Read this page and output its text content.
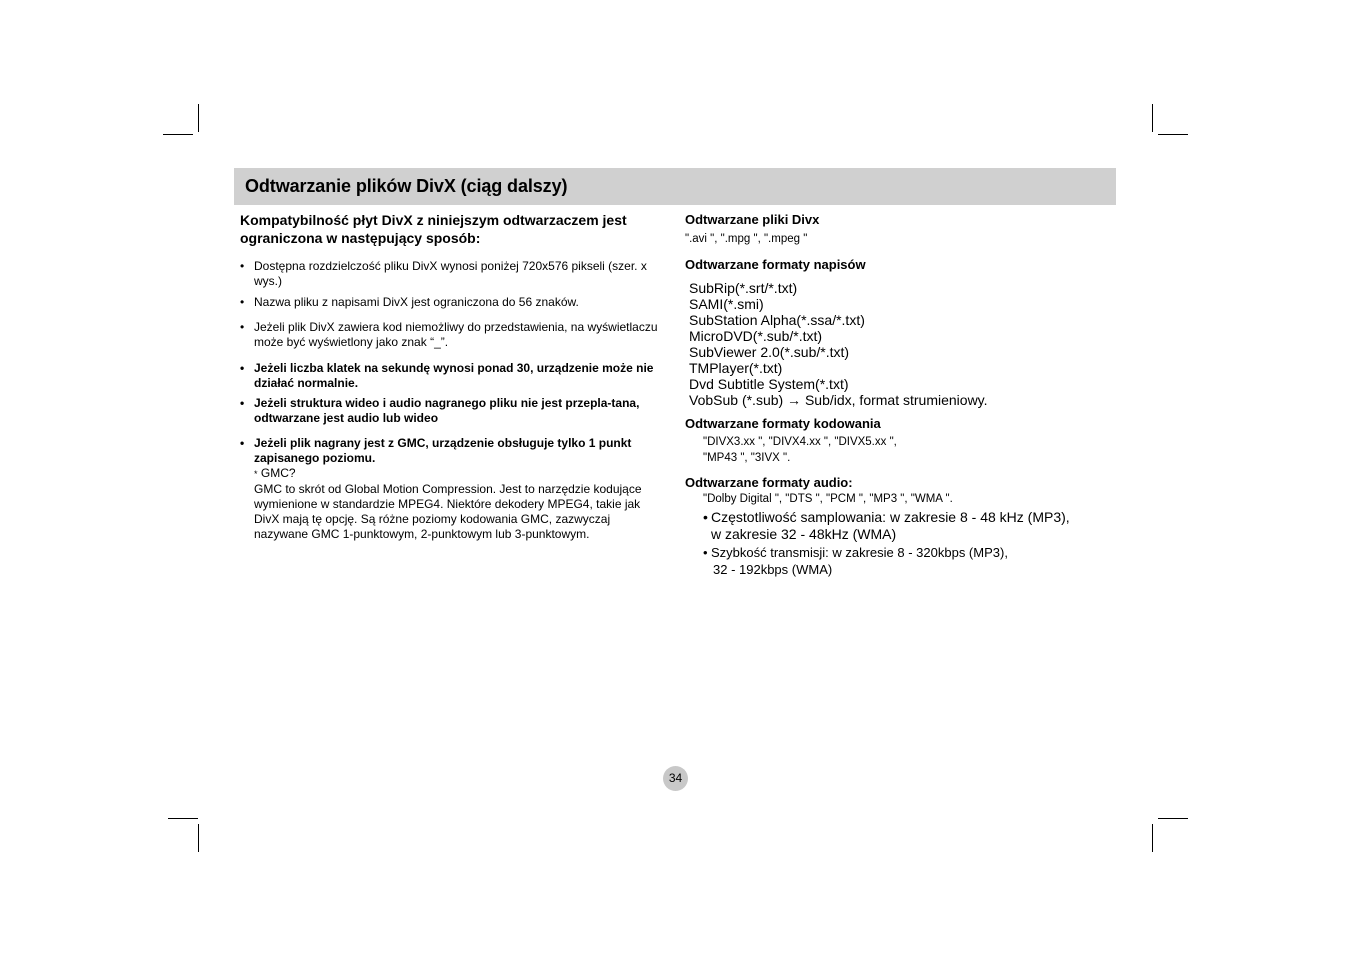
Odtwarzanie plików DivX (ciąg dalszy)

Kompatybilność płyt DivX z niniejszym odtwarzaczem jest ograniczona w następujący sposób:

• Dostępna rozdzielczość pliku DivX wynosi poniżej 720x576 pikseli (szer. x wys.)
• Nazwa pliku z napisami DivX jest ograniczona do 56 znaków.
• Jeżeli plik DivX zawiera kod niemożliwy do przedstawienia, na wyświetlaczu może być wyświetlony jako znak “_”.
• Jeżeli liczba klatek na sekundę wynosi ponad 30, urządzenie może nie działać normalnie.
• Jeżeli struktura wideo i audio nagranego pliku nie jest przepla-tana, odtwarzane jest audio lub wideo
• Jeżeli plik nagrany jest z GMC, urządzenie obsługuje tylko 1 punkt zapisanego poziomu.
* GMC?
GMC to skrót od Global Motion Compression. Jest to narzędzie kodujące wymienione w standardzie MPEG4. Niektóre dekodery MPEG4, takie jak DivX mają tę opcję. Są różne poziomy kodowania GMC, zazwyczaj nazywane GMC 1-punktowym, 2-punktowym lub 3-punktowym.

Odtwarzane pliki Divx

".avi ", ".mpg ", ".mpeg "

Odtwarzane formaty napisów

SubRip(*.srt/*.txt)
SAMI(*.smi)
SubStation Alpha(*.ssa/*.txt)
MicroDVD(*.sub/*.txt)
SubViewer 2.0(*.sub/*.txt)
TMPlayer(*.txt)
Dvd Subtitle System(*.txt)
VobSub (*.sub) → Sub/idx, format strumieniowy.

Odtwarzane formaty kodowania

"DIVX3.xx ", "DIVX4.xx ", "DIVX5.xx ",
"MP43 ", "3IVX ".

Odtwarzane formaty audio:

"Dolby Digital ", "DTS ", "PCM ", "MP3 ", "WMA ".
• Częstotliwość samplowania: w zakresie 8 - 48 kHz (MP3),
w zakresie 32 - 48kHz (WMA)
• Szybkość transmisji: w zakresie 8 - 320kbps (MP3),
32 - 192kbps (WMA)
34
